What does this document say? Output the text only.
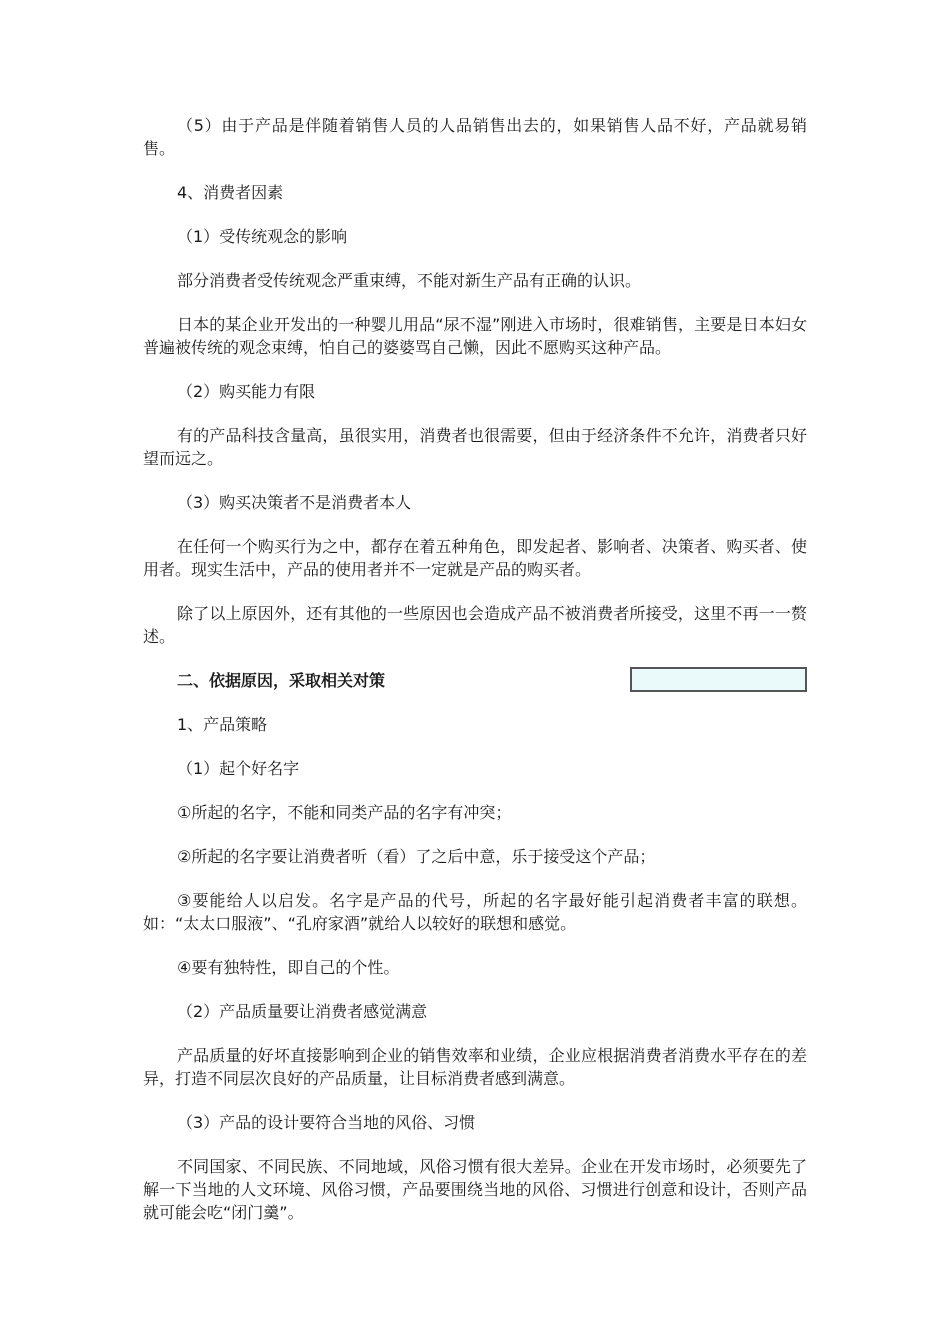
（5）由于产品是伴随着销售人员的人品销售出去的，如果销售人品不好，产品就易销售。

4、消费者因素

（1）受传统观念的影响

部分消费者受传统观念严重束缚，不能对新生产品有正确的认识。

日本的某企业开发出的一种婴儿用品“尿不湿”刚进入市场时，很难销售，主要是日本妇女普遍被传统的观念束缚，怕自己的婆婆骂自己懒，因此不愿购买这种产品。

（2）购买能力有限

有的产品科技含量高，虽很实用，消费者也很需要，但由于经济条件不允许，消费者只好望而远之。

（3）购买决策者不是消费者本人

在任何一个购买行为之中，都存在着五种角色，即发起者、影响者、决策者、购买者、使用者。现实生活中，产品的使用者并不一定就是产品的购买者。

除了以上原因外，还有其他的一些原因也会造成产品不被消费者所接受，这里不再一一赘述。

二、依据原因，采取相关对策

1、产品策略

（1）起个好名字

①所起的名字，不能和同类产品的名字有冲突；

②所起的名字要让消费者听（看）了之后中意，乐于接受这个产品；

③要能给人以启发。名字是产品的代号，所起的名字最好能引起消费者丰富的联想。如：“太太口服液”、“孔府家酒”就给人以较好的联想和感觉。

④要有独特性，即自己的个性。

（2）产品质量要让消费者感觉满意

产品质量的好坏直接影响到企业的销售效率和业绩，企业应根据消费者消费水平存在的差异，打造不同层次良好的产品质量，让目标消费者感到满意。

（3）产品的设计要符合当地的风俗、习惯

不同国家、不同民族、不同地域，风俗习惯有很大差异。企业在开发市场时，必须要先了解一下当地的人文环境、风俗习惯，产品要围绕当地的风俗、习惯进行创意和设计，否则产品就可能会吃“闭门羹”。
